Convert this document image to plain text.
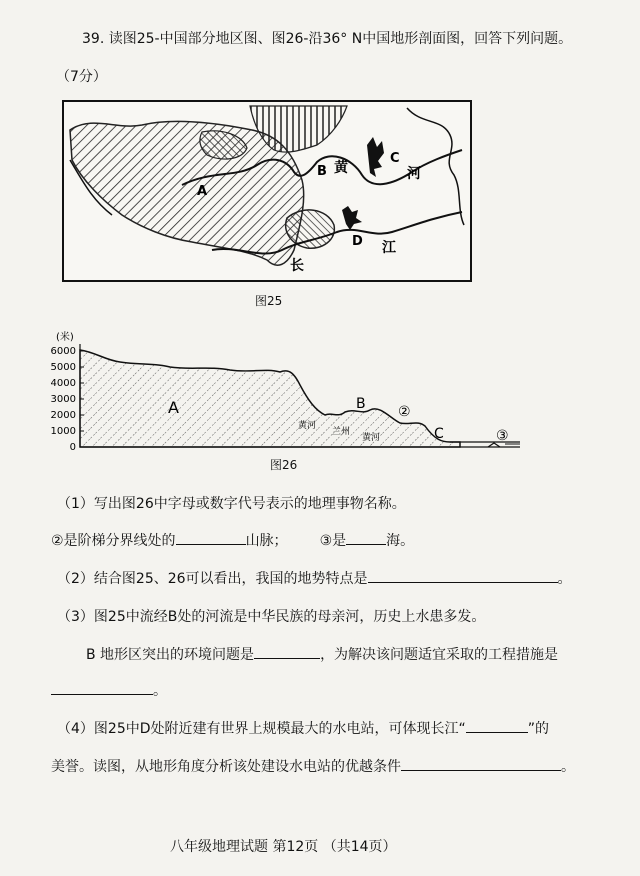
39. 读图25-中国部分地区图、图26-沿36° N中国地形剖面图，回答下列问题。
（7分）
A
B
C
D
黄	河
长
江
图25
(米)
6000
5000
4000
3000
2000
1000
0
A	B
C
②
③
黄河
兰州
黄河
图26
（1）写出图26中字母或数字代号表示的地理事物名称。
②是阶梯分界线处的	山脉； ③是	海。
（2）结合图25、26可以看出，我国的地势特点是	。
（3）图25中流经B处的河流是中华民族的母亲河，历史上水患多发。
B 地形区突出的环境问题是	，为解决该问题适宜采取的工程措施是
。
（4）图25中D处附近建有世界上规模最大的水电站，可体现长江“	”的
美誉。读图，从地形角度分析该处建设水电站的优越条件	。
八年级地理试题 第12页 （共14页）
